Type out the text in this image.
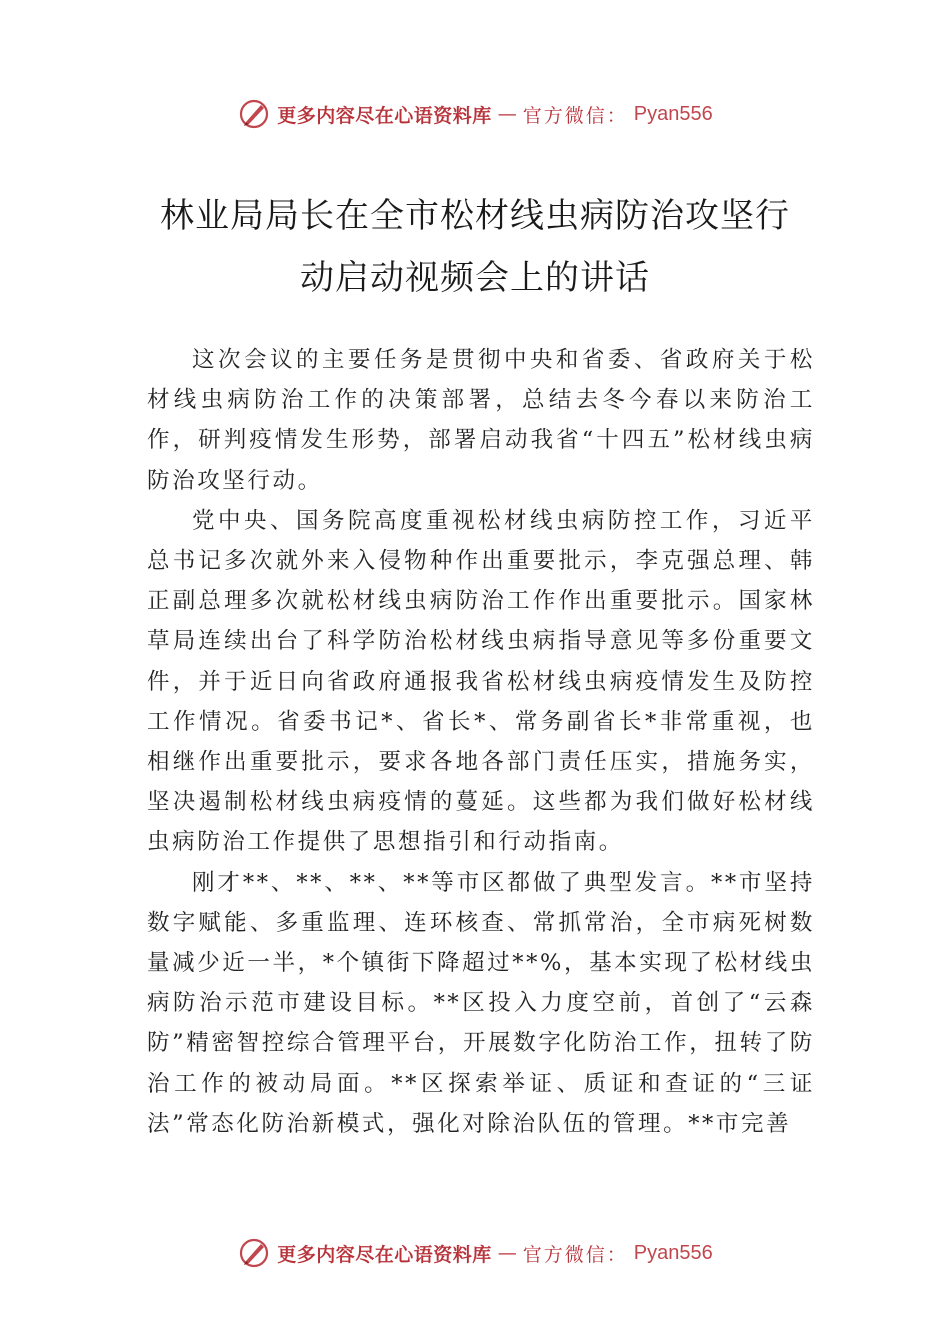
更多内容尽在心语资料库 — 官方微信： Pyan556
林业局局长在全市松材线虫病防治攻坚行
动启动视频会上的讲话

这次会议的主要任务是贯彻中央和省委、省政府关于松材线虫病防治工作的决策部署，总结去冬今春以来防治工作，研判疫情发生形势，部署启动我省“十四五”松材线虫病防治攻坚行动。

党中央、国务院高度重视松材线虫病防控工作，习近平总书记多次就外来入侵物种作出重要批示，李克强总理、韩正副总理多次就松材线虫病防治工作作出重要批示。国家林草局连续出台了科学防治松材线虫病指导意见等多份重要文件，并于近日向省政府通报我省松材线虫病疫情发生及防控工作情况。省委书记*、省长*、常务副省长*非常重视，也相继作出重要批示，要求各地各部门责任压实，措施务实， 坚决遏制松材线虫病疫情的蔓延。这些都为我们做好松材线虫病防治工作提供了思想指引和行动指南。

刚才**、**、**、**等市区都做了典型发言。**市坚持数字赋能、多重监理、连环核查、常抓常治，全市病死树数量减少近一半，*个镇街下降超过**%，基本实现了松材线虫病防治示范市建设目标。**区投入力度空前，首创了“云森防”精密智控综合管理平台，开展数字化防治工作，扭转了防治工作的被动局面。**区探索举证、质证和查证的“三证法”常态化防治新模式，强化对除治队伍的管理。**市完善

更多内容尽在心语资料库 — 官方微信： Pyan556
